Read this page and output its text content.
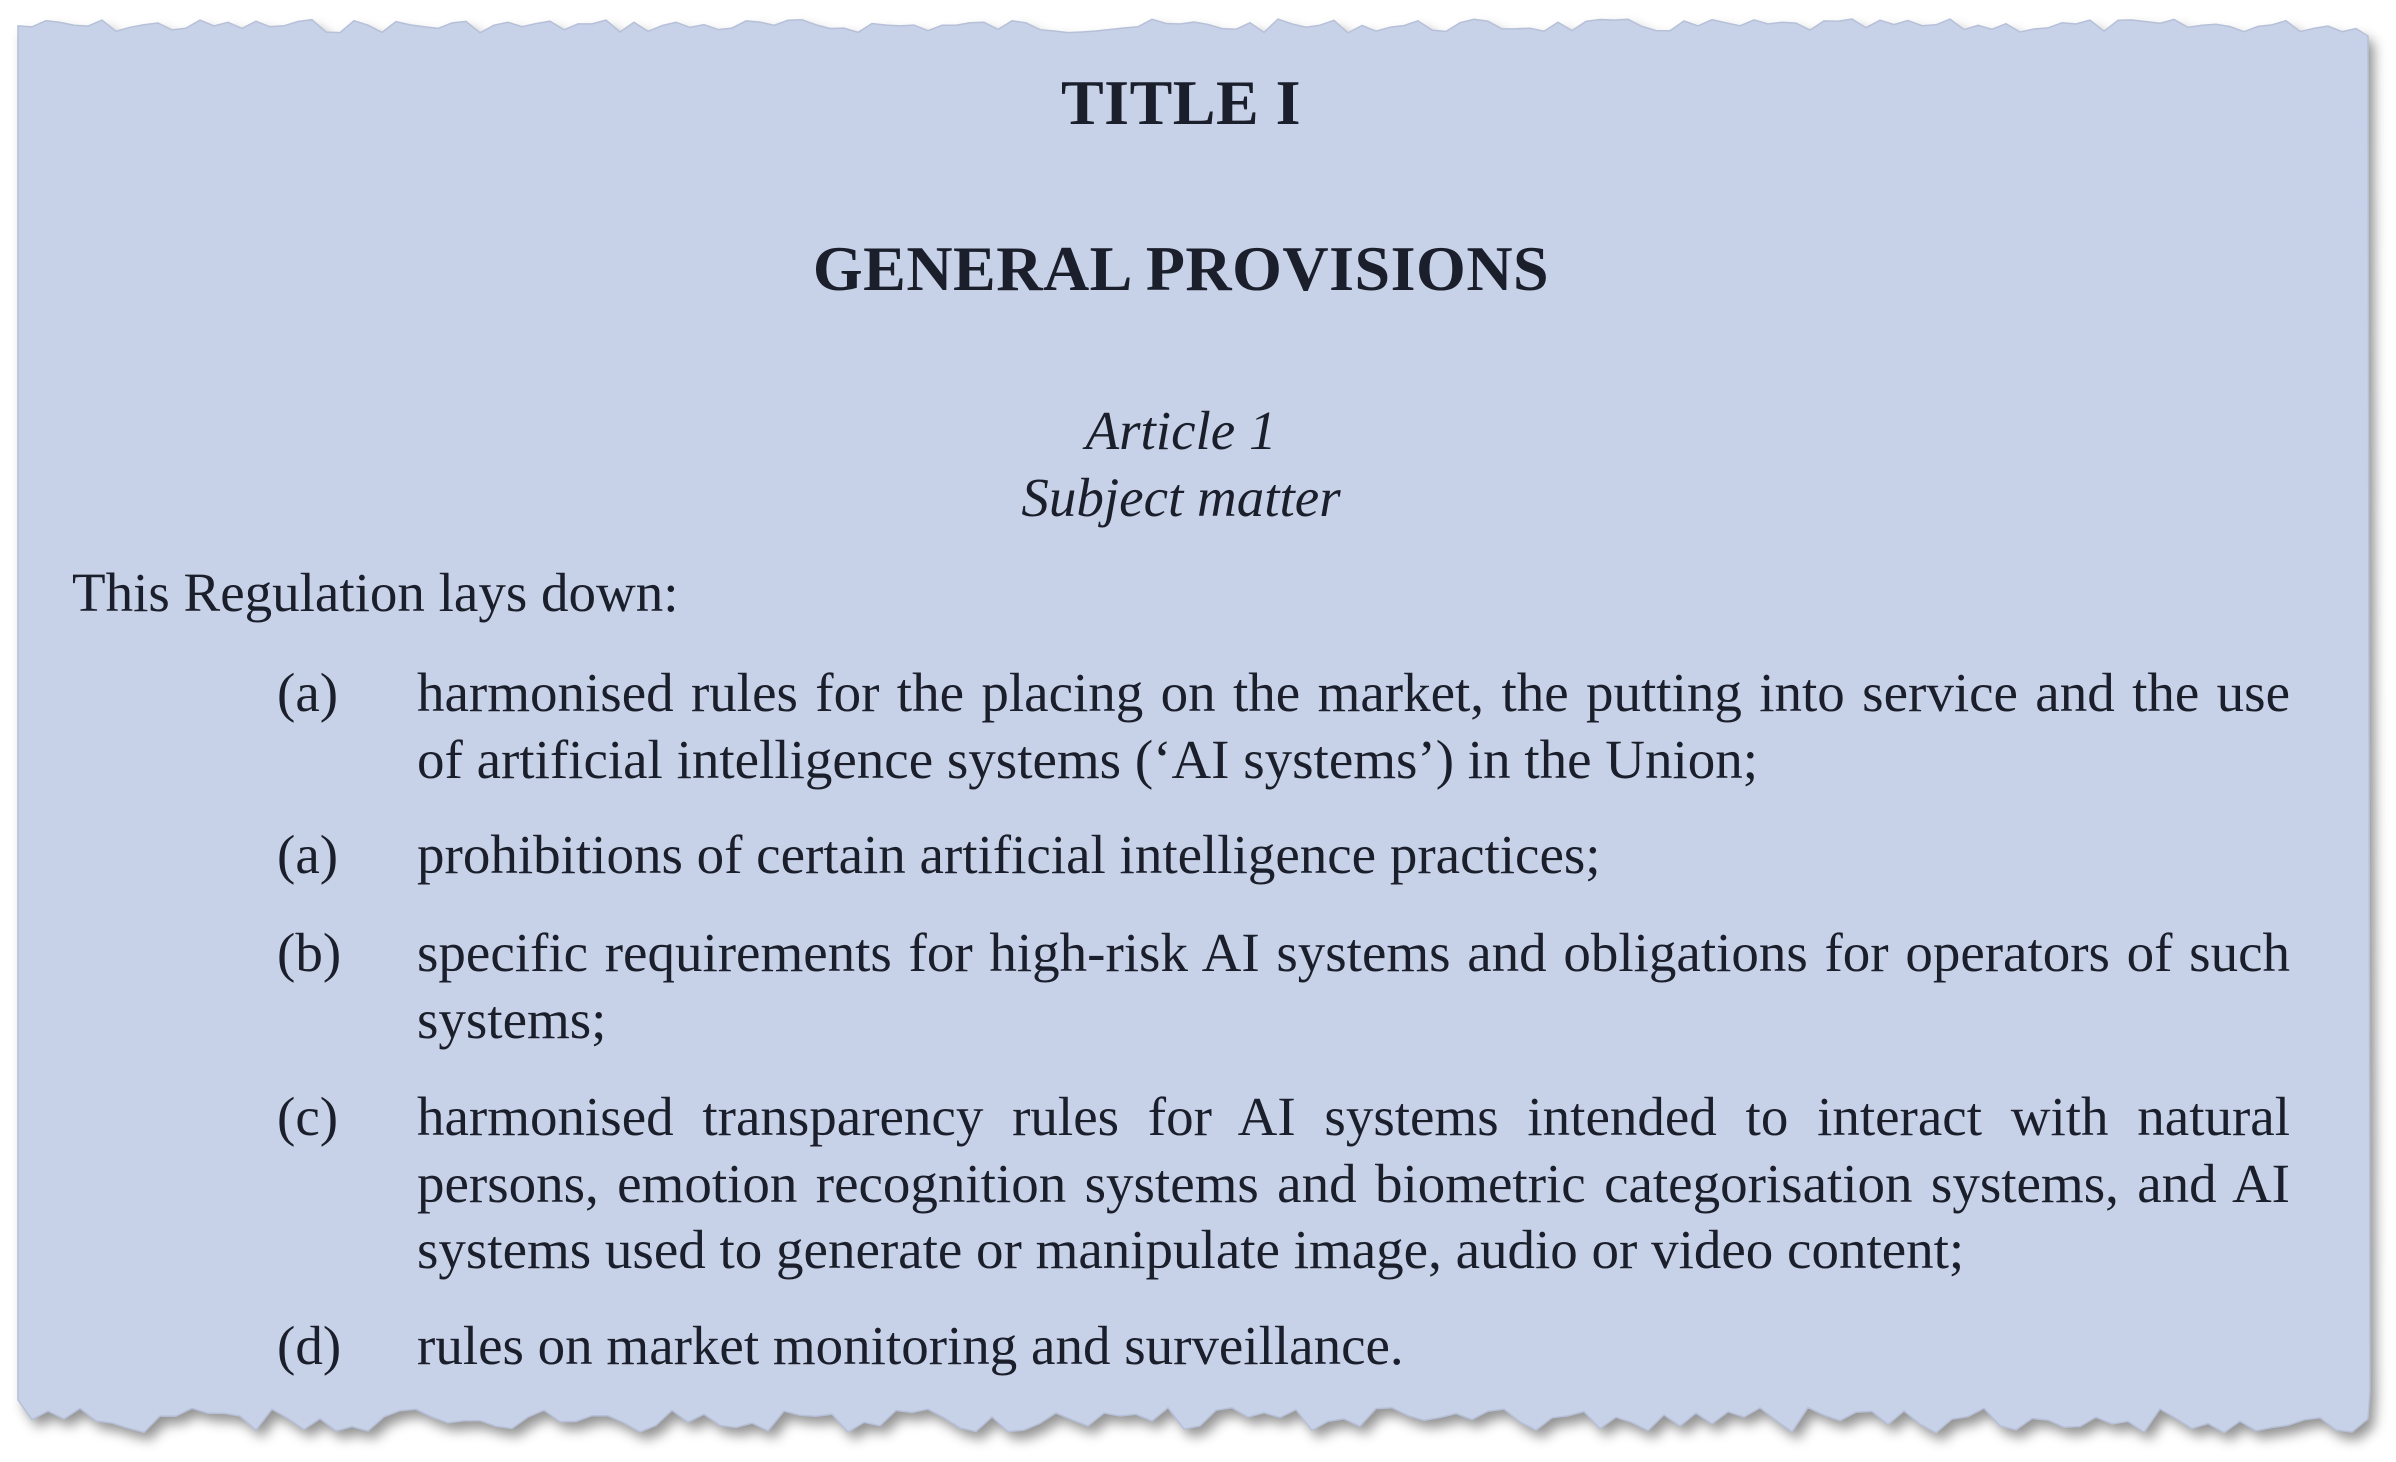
TITLE I
GENERAL PROVISIONS
Article 1
Subject matter
This Regulation lays down:
(a) harmonised rules for the placing on the market, the putting into service and the use of artificial intelligence systems (‘AI systems’) in the Union;
(a) prohibitions of certain artificial intelligence practices;
(b) specific requirements for high-risk AI systems and obligations for operators of such systems;
(c) harmonised transparency rules for AI systems intended to interact with natural persons, emotion recognition systems and biometric categorisation systems, and AI systems used to generate or manipulate image, audio or video content;
(d) rules on market monitoring and surveillance.
